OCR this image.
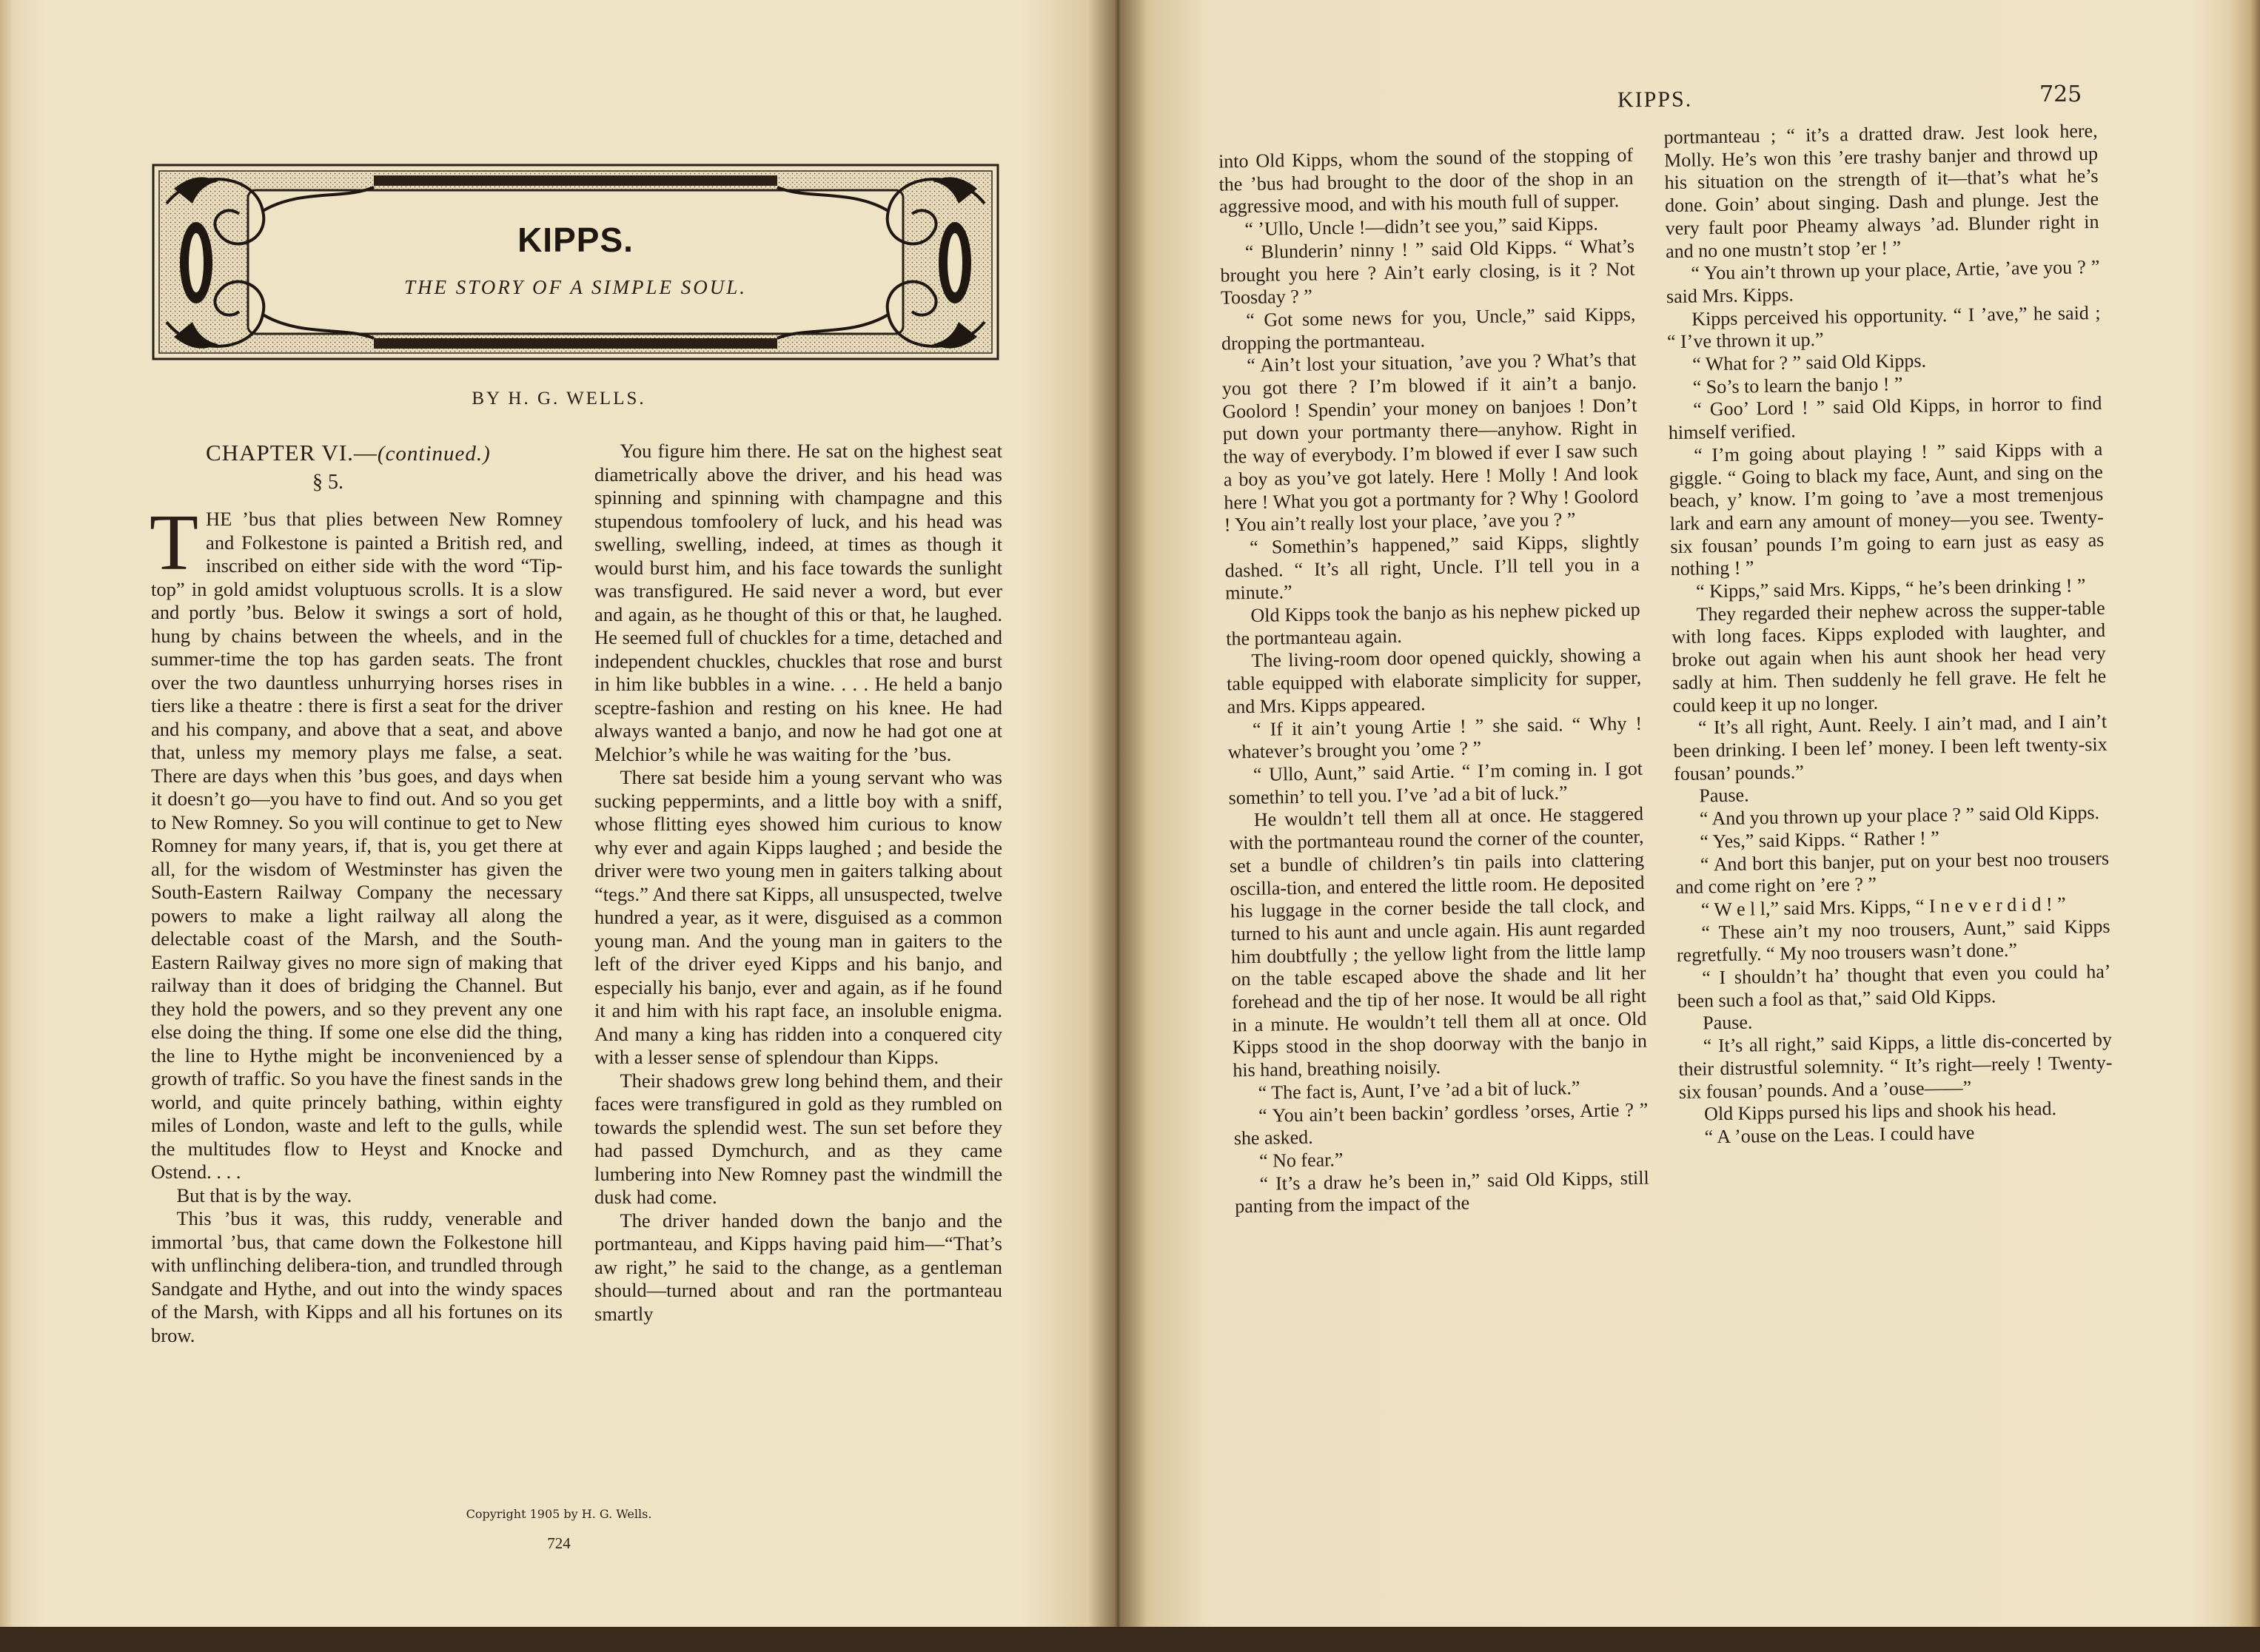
KIPPS.
THE STORY OF A SIMPLE SOUL.
BY H. G. WELLS.
CHAPTER VI.—(continued.)
§ 5.

THE ’bus that plies between New Romney and Folkestone is painted a British red, and inscribed on either side with the word “Tip-top” in gold amidst voluptuous scrolls. It is a slow and portly ’bus. Below it swings a sort of hold, hung by chains between the wheels, and in the summer-time the top has garden seats. The front over the two dauntless unhurrying horses rises in tiers like a theatre : there is first a seat for the driver and his company, and above that a seat, and above that, unless my memory plays me false, a seat. There are days when this ’bus goes, and days when it doesn’t go—you have to find out. And so you get to New Romney. So you will continue to get to New Romney for many years, if, that is, you get there at all, for the wisdom of Westminster has given the South-Eastern Railway Company the necessary powers to make a light railway all along the delectable coast of the Marsh, and the South-Eastern Railway gives no more sign of making that railway than it does of bridging the Channel. But they hold the powers, and so they prevent any one else doing the thing. If some one else did the thing, the line to Hythe might be inconvenienced by a growth of traffic. So you have the finest sands in the world, and quite princely bathing, within eighty miles of London, waste and left to the gulls, while the multitudes flow to Heyst and Knocke and Ostend. . . .

But that is by the way.

This ’bus it was, this ruddy, venerable and immortal ’bus, that came down the Folkestone hill with unflinching delibera-tion, and trundled through Sandgate and Hythe, and out into the windy spaces of the Marsh, with Kipps and all his fortunes on its brow.

You figure him there. He sat on the highest seat diametrically above the driver, and his head was spinning and spinning with champagne and this stupendous tomfoolery of luck, and his head was swelling, swelling, indeed, at times as though it would burst him, and his face towards the sunlight was transfigured. He said never a word, but ever and again, as he thought of this or that, he laughed. He seemed full of chuckles for a time, detached and independent chuckles, chuckles that rose and burst in him like bubbles in a wine. . . . He held a banjo sceptre-fashion and resting on his knee. He had always wanted a banjo, and now he had got one at Melchior’s while he was waiting for the ’bus.

There sat beside him a young servant who was sucking peppermints, and a little boy with a sniff, whose flitting eyes showed him curious to know why ever and again Kipps laughed ; and beside the driver were two young men in gaiters talking about “tegs.” And there sat Kipps, all unsuspected, twelve hundred a year, as it were, disguised as a common young man. And the young man in gaiters to the left of the driver eyed Kipps and his banjo, and especially his banjo, ever and again, as if he found it and him with his rapt face, an insoluble enigma. And many a king has ridden into a conquered city with a lesser sense of splendour than Kipps.

Their shadows grew long behind them, and their faces were transfigured in gold as they rumbled on towards the splendid west. The sun set before they had passed Dymchurch, and as they came lumbering into New Romney past the windmill the dusk had come.

The driver handed down the banjo and the portmanteau, and Kipps having paid him—“That’s aw right,” he said to the change, as a gentleman should—turned about and ran the portmanteau smartly

Copyright 1905 by H. G. Wells.
724
KIPPS.	725

into Old Kipps, whom the sound of the stopping of the ’bus had brought to the door of the shop in an aggressive mood, and with his mouth full of supper.

“ ’Ullo, Uncle !—didn’t see you,” said Kipps.

“ Blunderin’ ninny ! ” said Old Kipps. “ What’s brought you here ? Ain’t early closing, is it ? Not Toosday ? ”

“ Got some news for you, Uncle,” said Kipps, dropping the portmanteau.

“ Ain’t lost your situation, ’ave you ? What’s that you got there ? I’m blowed if it ain’t a banjo. Goolord ! Spendin’ your money on banjoes ! Don’t put down your portmanty there—anyhow. Right in the way of everybody. I’m blowed if ever I saw such a boy as you’ve got lately. Here ! Molly ! And look here ! What you got a portmanty for ? Why ! Goolord ! You ain’t really lost your place, ’ave you ? ”

“ Somethin’s happened,” said Kipps, slightly dashed. “ It’s all right, Uncle. I’ll tell you in a minute.”

Old Kipps took the banjo as his nephew picked up the portmanteau again.

The living-room door opened quickly, showing a table equipped with elaborate simplicity for supper, and Mrs. Kipps appeared.

“ If it ain’t young Artie ! ” she said. “ Why ! whatever’s brought you ’ome ? ”

“ Ullo, Aunt,” said Artie. “ I’m coming in. I got somethin’ to tell you. I’ve ’ad a bit of luck.”

He wouldn’t tell them all at once. He staggered with the portmanteau round the corner of the counter, set a bundle of children’s tin pails into clattering oscilla-tion, and entered the little room. He deposited his luggage in the corner beside the tall clock, and turned to his aunt and uncle again. His aunt regarded him doubtfully ; the yellow light from the little lamp on the table escaped above the shade and lit her forehead and the tip of her nose. It would be all right in a minute. He wouldn’t tell them all at once. Old Kipps stood in the shop doorway with the banjo in his hand, breathing noisily.

“ The fact is, Aunt, I’ve ’ad a bit of luck.”

“ You ain’t been backin’ gordless ’orses, Artie ? ” she asked.

“ No fear.”

“ It’s a draw he’s been in,” said Old Kipps, still panting from the impact of the

portmanteau ; “ it’s a dratted draw. Jest look here, Molly. He’s won this ’ere trashy banjer and throwd up his situation on the strength of it—that’s what he’s done. Goin’ about singing. Dash and plunge. Jest the very fault poor Pheamy always ’ad. Blunder right in and no one mustn’t stop ’er ! ”

“ You ain’t thrown up your place, Artie, ’ave you ? ” said Mrs. Kipps.

Kipps perceived his opportunity. “ I ’ave,” he said ; “ I’ve thrown it up.”

“ What for ? ” said Old Kipps.

“ So’s to learn the banjo ! ”

“ Goo’ Lord ! ” said Old Kipps, in horror to find himself verified.

“ I’m going about playing ! ” said Kipps with a giggle. “ Going to black my face, Aunt, and sing on the beach, y’ know. I’m going to ’ave a most tremenjous lark and earn any amount of money—you see. Twenty-six fousan’ pounds I’m going to earn just as easy as nothing ! ”

“ Kipps,” said Mrs. Kipps, “ he’s been drinking ! ”

They regarded their nephew across the supper-table with long faces. Kipps exploded with laughter, and broke out again when his aunt shook her head very sadly at him. Then suddenly he fell grave. He felt he could keep it up no longer.

“ It’s all right, Aunt. Reely. I ain’t mad, and I ain’t been drinking. I been lef’ money. I been left twenty-six fousan’ pounds.”

Pause.

“ And you thrown up your place ? ” said Old Kipps.

“ Yes,” said Kipps. “ Rather ! ”

“ And bort this banjer, put on your best noo trousers and come right on ’ere ? ”

“ W e l l,” said Mrs. Kipps, “ I n e v e r d i d ! ”

“ These ain’t my noo trousers, Aunt,” said Kipps regretfully. “ My noo trousers wasn’t done.”

“ I shouldn’t ha’ thought that even you could ha’ been such a fool as that,” said Old Kipps.

Pause.

“ It’s all right,” said Kipps, a little dis-concerted by their distrustful solemnity. “ It’s right—reely ! Twenty-six fousan’ pounds. And a ’ouse——”

Old Kipps pursed his lips and shook his head.

“ A ’ouse on the Leas. I could have
